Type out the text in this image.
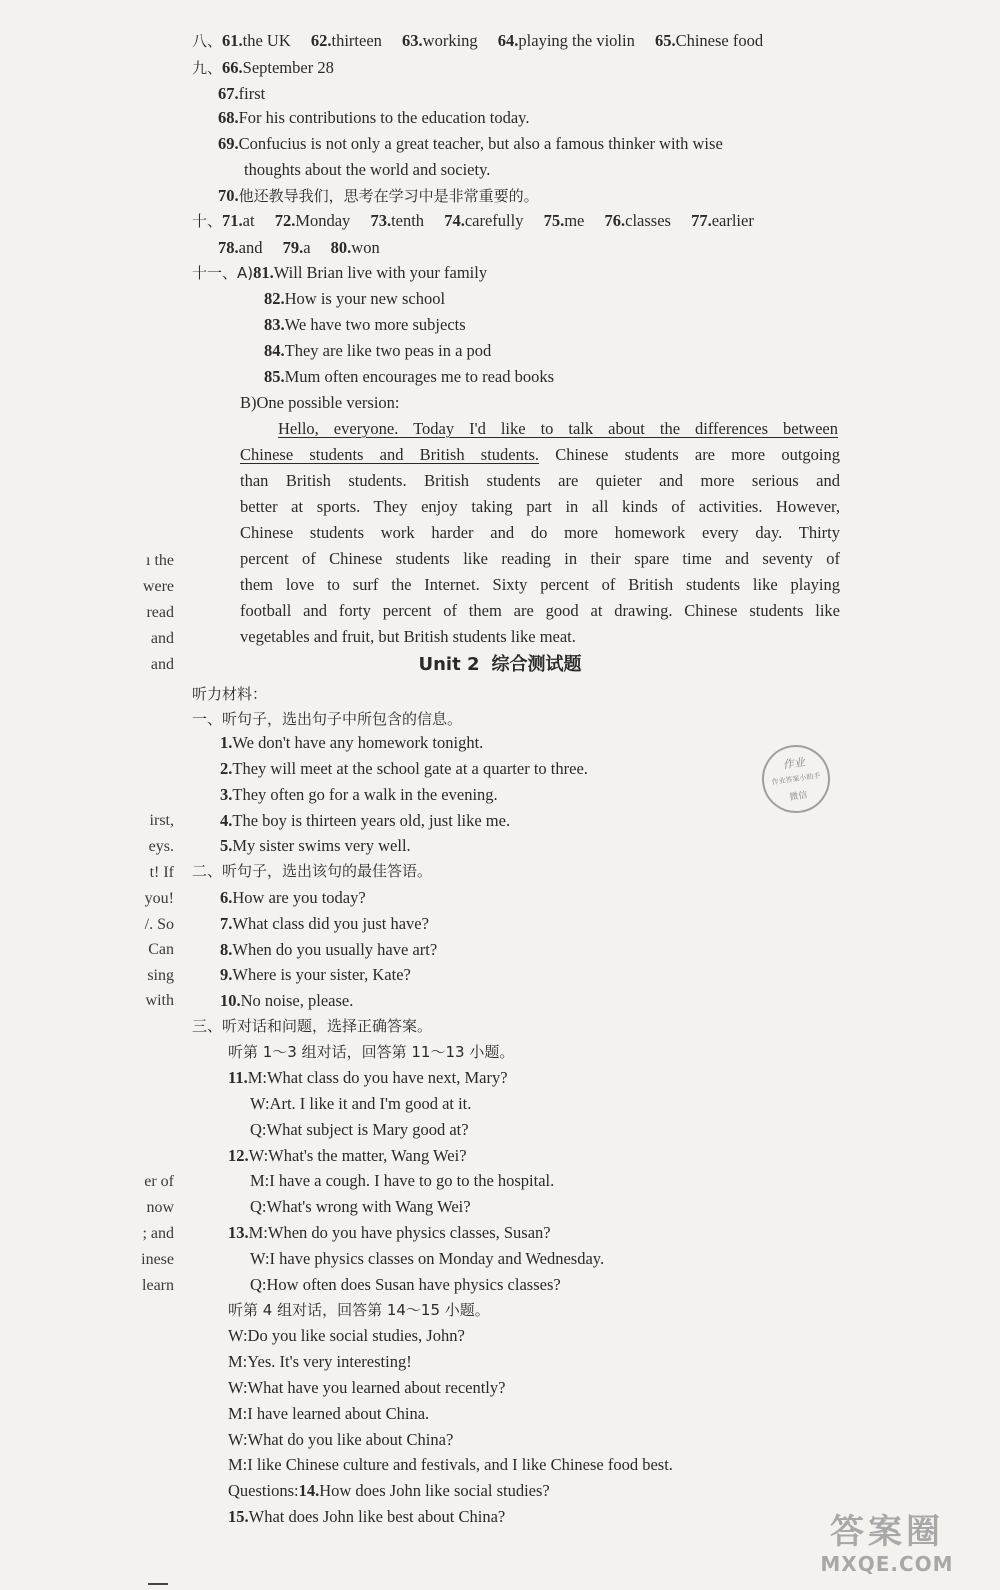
八、61.the UK 62.thirteen 63.working 64.playing the violin 65.Chinese food
九、66.September 28
67.first
68.For his contributions to the education today.
69.Confucius is not only a great teacher, but also a famous thinker with wise
thoughts about the world and society.
70.他还教导我们，思考在学习中是非常重要的。
十、71.at 72.Monday 73.tenth 74.carefully 75.me 76.classes 77.earlier
78.and 79.a 80.won
十一、A)81.Will Brian live with your family
82.How is your new school
83.We have two more subjects
84.They are like two peas in a pod
85.Mum often encourages me to read books
B)One possible version:
Hello, everyone. Today I'd like to talk about the differences between
Chinese students and British students. Chinese students are more outgoing
than British students. British students are quieter and more serious and
better at sports. They enjoy taking part in all kinds of activities. However,
Chinese students work harder and do more homework every day. Thirty
percent of Chinese students like reading in their spare time and seventy of
them love to surf the Internet. Sixty percent of British students like playing
football and forty percent of them are good at drawing. Chinese students like
vegetables and fruit, but British students like meat.
Unit 2 综合测试题
听力材料：
一、听句子，选出句子中所包含的信息。
1.We don't have any homework tonight.
2.They will meet at the school gate at a quarter to three.
3.They often go for a walk in the evening.
4.The boy is thirteen years old, just like me.
5.My sister swims very well.
二、听句子，选出该句的最佳答语。
6.How are you today?
7.What class did you just have?
8.When do you usually have art?
9.Where is your sister, Kate?
10.No noise, please.
三、听对话和问题，选择正确答案。
听第 1～3 组对话，回答第 11～13 小题。
11.M:What class do you have next, Mary?
W:Art. I like it and I'm good at it.
Q:What subject is Mary good at?
12.W:What's the matter, Wang Wei?
M:I have a cough. I have to go to the hospital.
Q:What's wrong with Wang Wei?
13.M:When do you have physics classes, Susan?
W:I have physics classes on Monday and Wednesday.
Q:How often does Susan have physics classes?
听第 4 组对话，回答第 14～15 小题。
W:Do you like social studies, John?
M:Yes. It's very interesting!
W:What have you learned about recently?
M:I have learned about China.
W:What do you like about China?
M:I like Chinese culture and festivals, and I like Chinese food best.
Questions:14.How does John like social studies?
15.What does John like best about China?
ı the
were
read
and
and
irst,
eys.
t! If
you!
/. So
Can
sing
with
er of
now
; and
inese
learn
作业
作业答案小助手
微信
答案圈
MXQE.COM
